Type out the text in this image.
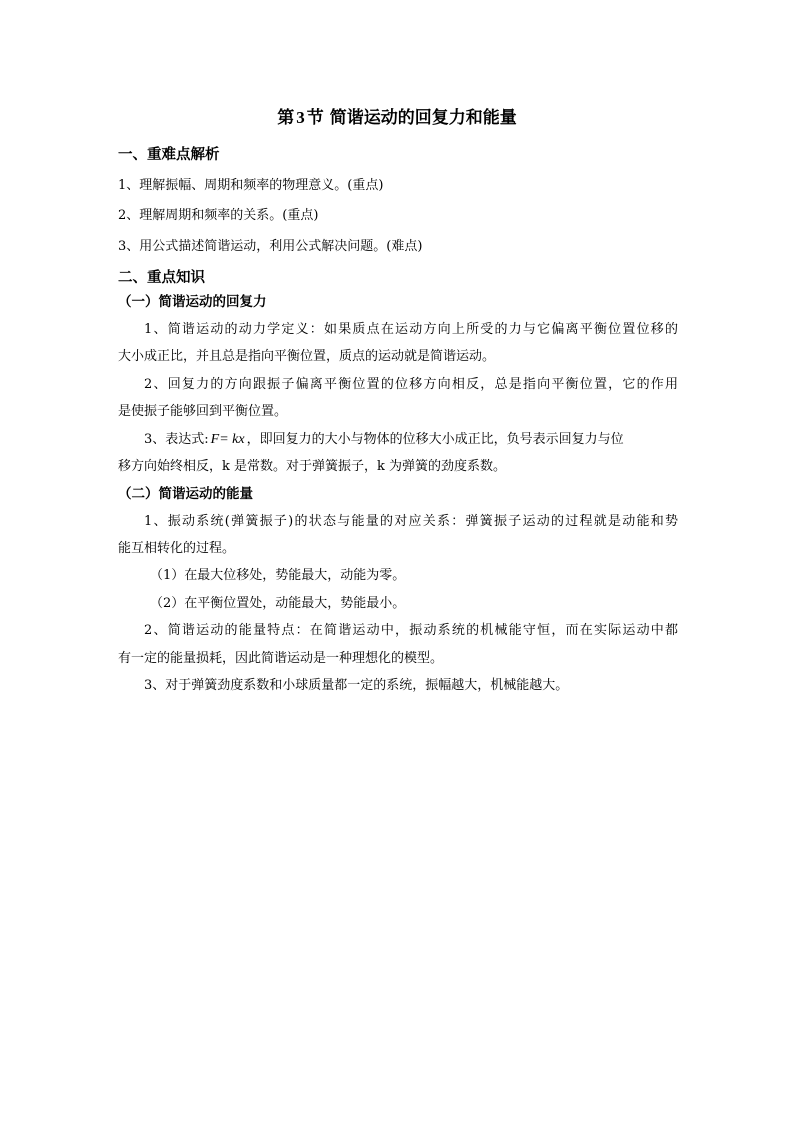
第 3 节 简谐运动的回复力和能量
一、重难点解析
1、理解振幅、周期和频率的物理意义。(重点)
2、理解周期和频率的关系。(重点)
3、用公式描述简谐运动，利用公式解决问题。(难点)
二、重点知识
（一）简谐运动的回复力
1、简谐运动的动力学定义：如果质点在运动方向上所受的力与它偏离平衡位置位移的
大小成正比，并且总是指向平衡位置，质点的运动就是简谐运动。
2、回复力的方向跟振子偏离平衡位置的位移方向相反，总是指向平衡位置，它的作用
是使振子能够回到平衡位置。
3、表达式: F= kx ，即回复力的大小与物体的位移大小成正比，负号表示回复力与位
移方向始终相反，k 是常数。对于弹簧振子，k 为弹簧的劲度系数。
（二）简谐运动的能量
1、振动系统(弹簧振子)的状态与能量的对应关系：弹簧振子运动的过程就是动能和势
能互相转化的过程。
（1）在最大位移处，势能最大，动能为零。
（2）在平衡位置处，动能最大，势能最小。
2、简谐运动的能量特点：在简谐运动中，振动系统的机械能守恒，而在实际运动中都
有一定的能量损耗，因此简谐运动是一种理想化的模型。
3、对于弹簧劲度系数和小球质量都一定的系统，振幅越大，机械能越大。
